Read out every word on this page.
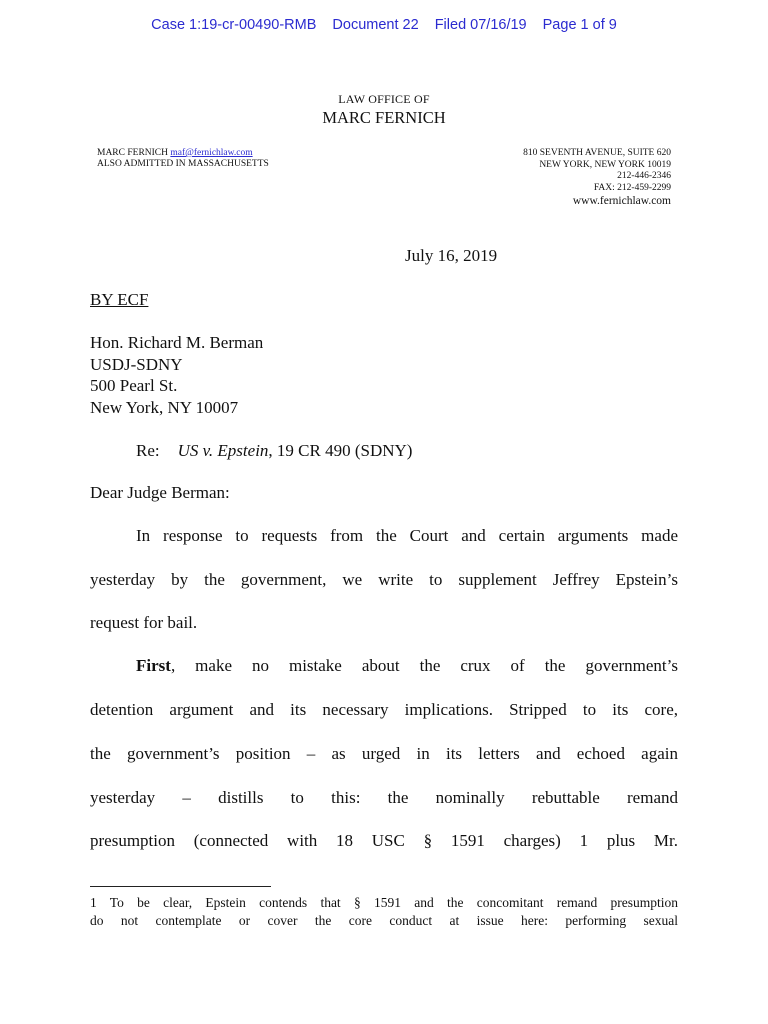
Case 1:19-cr-00490-RMB Document 22 Filed 07/16/19 Page 1 of 9
LAW OFFICE OF
MARC FERNICH
MARC FERNICH maf@fernichlaw.com
ALSO ADMITTED IN MASSACHUSETTS
810 SEVENTH AVENUE, SUITE 620
NEW YORK, NEW YORK 10019
212-446-2346
FAX: 212-459-2299
www.fernichlaw.com
July 16, 2019
BY ECF
Hon. Richard M. Berman
USDJ-SDNY
500 Pearl St.
New York, NY 10007
Re: US v. Epstein, 19 CR 490 (SDNY)
Dear Judge Berman:
In response to requests from the Court and certain arguments made
yesterday by the government, we write to supplement Jeffrey Epstein’s
request for bail.
First, make no mistake about the crux of the government’s
detention argument and its necessary implications. Stripped to its core,
the government’s position – as urged in its letters and echoed again
yesterday – distills to this: the nominally rebuttable remand
presumption (connected with 18 USC § 1591 charges) 1 plus Mr.
1 To be clear, Epstein contends that § 1591 and the concomitant remand presumption
do not contemplate or cover the core conduct at issue here: performing sexual
